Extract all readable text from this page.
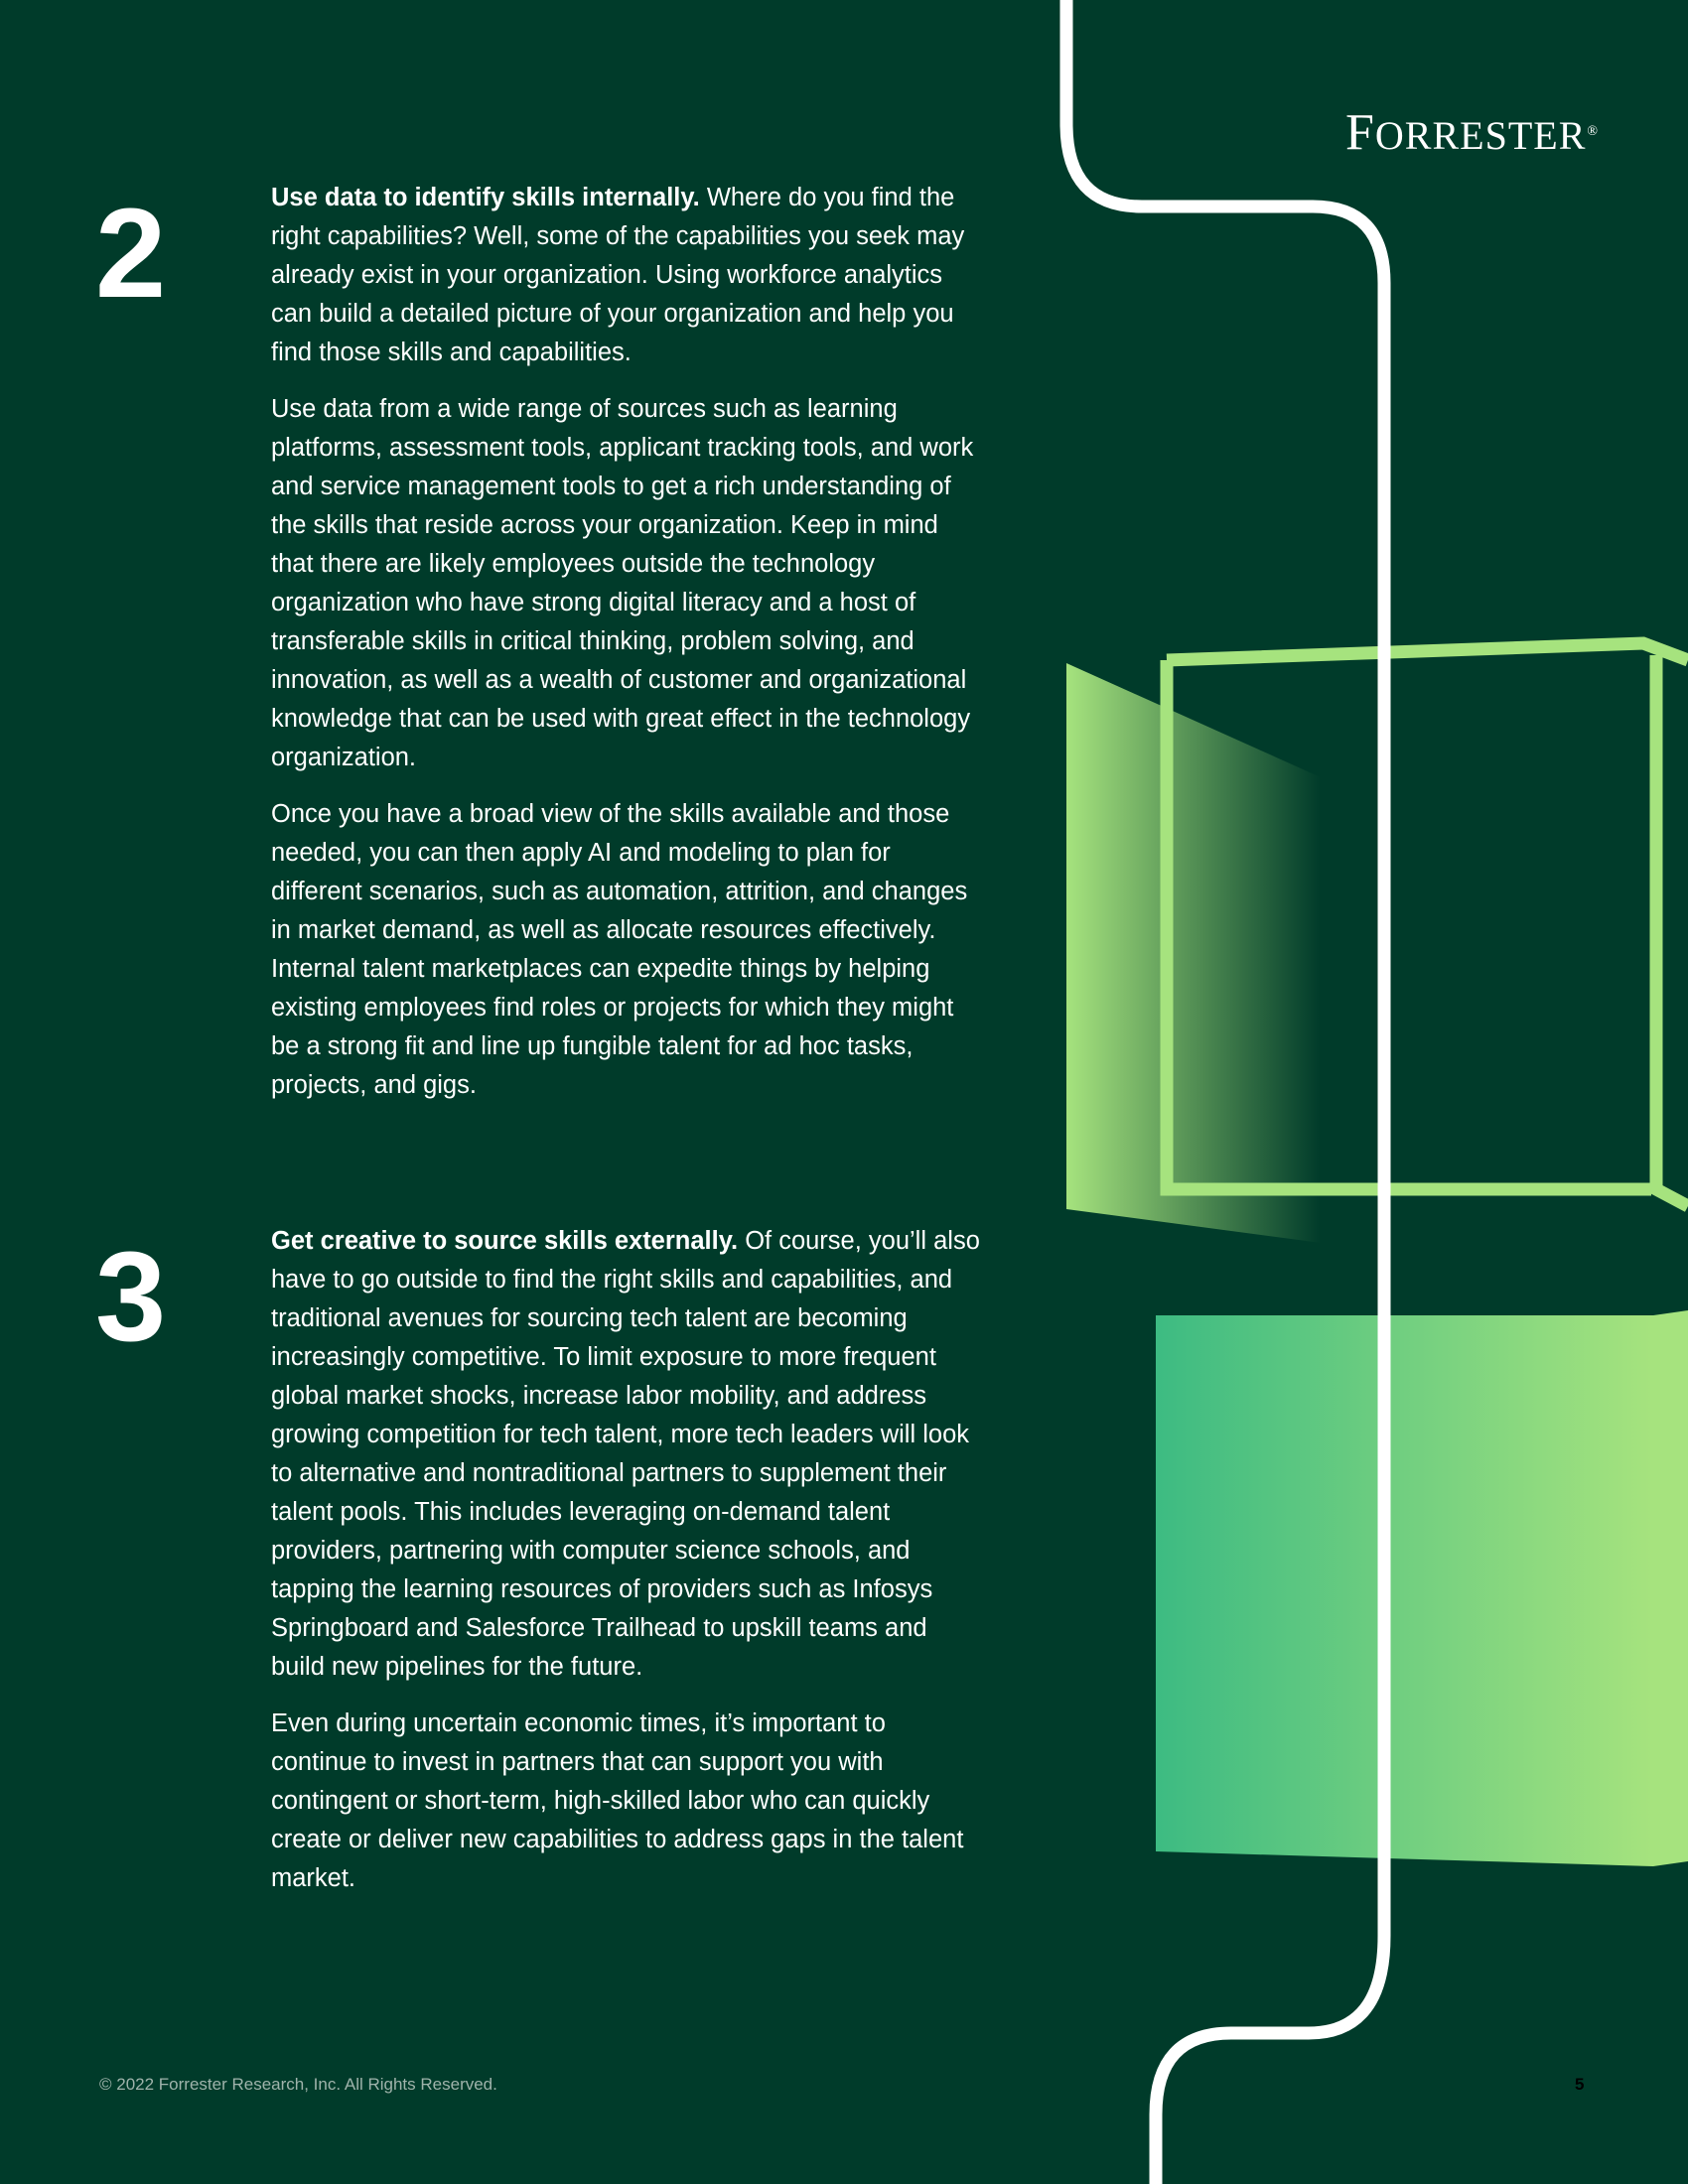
FORRESTER®
2	Use data to identify skills internally. Where do you find the right capabilities? Well, some of the capabilities you seek may already exist in your organization. Using workforce analytics can build a detailed picture of your organization and help you find those skills and capabilities.

Use data from a wide range of sources such as learning platforms, assessment tools, applicant tracking tools, and work and service management tools to get a rich understanding of the skills that reside across your organization. Keep in mind that there are likely employees outside the technology organization who have strong digital literacy and a host of transferable skills in critical thinking, problem solving, and innovation, as well as a wealth of customer and organizational knowledge that can be used with great effect in the technology organization.

Once you have a broad view of the skills available and those needed, you can then apply AI and modeling to plan for different scenarios, such as automation, attrition, and changes in market demand, as well as allocate resources effectively. Internal talent marketplaces can expedite things by helping existing employees find roles or projects for which they might be a strong fit and line up fungible talent for ad hoc tasks, projects, and gigs.

3	Get creative to source skills externally. Of course, you’ll also have to go outside to find the right skills and capabilities, and traditional avenues for sourcing tech talent are becoming increasingly competitive. To limit exposure to more frequent global market shocks, increase labor mobility, and address growing competition for tech talent, more tech leaders will look to alternative and nontraditional partners to supplement their talent pools. This includes leveraging on-demand talent providers, partnering with computer science schools, and tapping the learning resources of providers such as Infosys Springboard and Salesforce Trailhead to upskill teams and build new pipelines for the future.

Even during uncertain economic times, it’s important to continue to invest in partners that can support you with contingent or short-term, high-skilled labor who can quickly create or deliver new capabilities to address gaps in the talent market.

© 2022 Forrester Research, Inc. All Rights Reserved.	5
